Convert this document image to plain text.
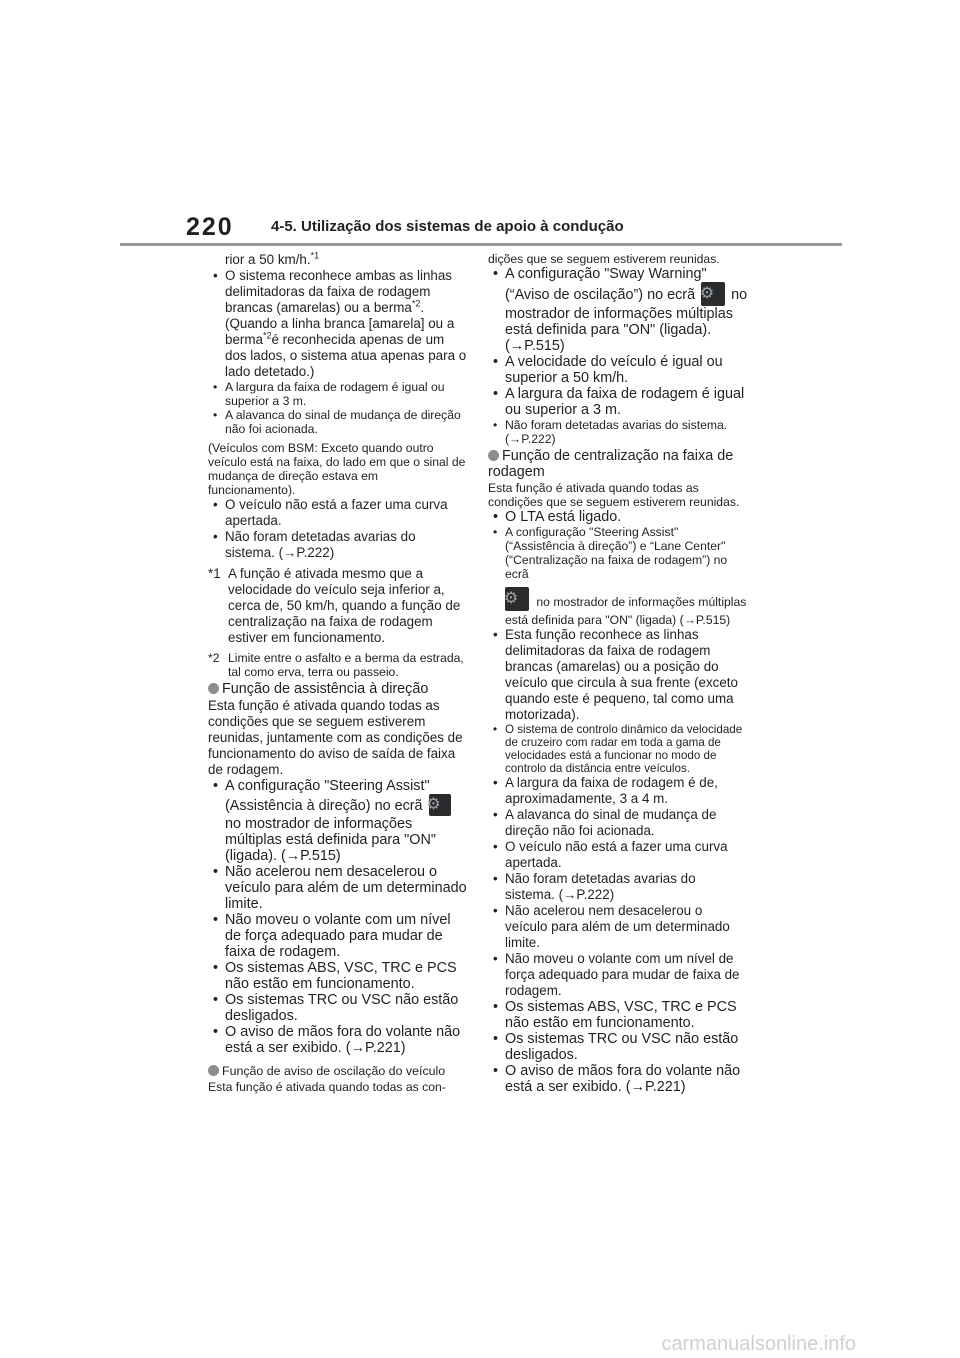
220 4-5. Utilização dos sistemas de apoio à condução

rior a 50 km/h.$^{*1}$

• O sistema reconhece ambas as linhas delimitadoras da faixa de rodagem brancas (amarelas) ou a berma$^{*2}$. (Quando a linha branca [amarela] ou a berma$^{*2}$é reconhecida apenas de um dos lados, o sistema atua apenas para o lado detetado.)

• A largura da faixa de rodagem é igual ou superior a 3 m.

• A alavanca do sinal de mudança de direção não foi acionada.

(Veículos com BSM: Exceto quando outro veículo está na faixa, do lado em que o sinal de mudança de direção estava em funcionamento).

• O veículo não está a fazer uma curva apertada.

• Não foram detetadas avarias do sistema. (→P.222)

*1 A função é ativada mesmo que a velocidade do veículo seja inferior a, cerca de, 50 km/h, quando a função de centralização na faixa de rodagem estiver em funcionamento.

*2 Limite entre o asfalto e a berma da estrada, tal como erva, terra ou passeio.

Função de assistência à direção

Esta função é ativada quando todas as condições que se seguem estiverem reunidas, juntamente com as condições de funcionamento do aviso de saída de faixa de rodagem.

• A configuração "Steering Assist" (Assistência à direção) no ecrã ⚙ no mostrador de informações múltiplas está definida para "ON" (ligada). (→P.515)

• Não acelerou nem desacelerou o veículo para além de um determinado limite.

• Não moveu o volante com um nível de força adequado para mudar de faixa de rodagem.

• Os sistemas ABS, VSC, TRC e PCS não estão em funcionamento.

• Os sistemas TRC ou VSC não estão desligados.

• O aviso de mãos fora do volante não está a ser exibido. (→P.221)

Função de aviso de oscilação do veículo

Esta função é ativada quando todas as con-

dições que se seguem estiverem reunidas.

• A configuração "Sway Warning" (“Aviso de oscilação”) no ecrã ⚙	no mostrador de informações múltiplas está definida para "ON" (ligada). (→P.515)

• A velocidade do veículo é igual ou superior a 50 km/h.

• A largura da faixa de rodagem é igual ou superior a 3 m.

• Não foram detetadas avarias do sistema. (→P.222)

Função de centralização na faixa de rodagem

Esta função é ativada quando todas as condições que se seguem estiverem reunidas.

• O LTA está ligado.

• A configuração "Steering Assist" (“Assistência à direção”) e “Lane Center" (“Centralização na faixa de rodagem”) no ecrã
⚙ no mostrador de informações múltiplas está definida para "ON" (ligada) (→P.515)

• Esta função reconhece as linhas delimitadoras da faixa de rodagem brancas (amarelas) ou a posição do veículo que circula à sua frente (exceto quando este é pequeno, tal como uma motorizada).

• O sistema de controlo dinâmico da velocidade de cruzeiro com radar em toda a gama de velocidades está a funcionar no modo de controlo da distância entre veículos.

• A largura da faixa de rodagem é de, aproximadamente, 3 a 4 m.

• A alavanca do sinal de mudança de direção não foi acionada.

• O veículo não está a fazer uma curva apertada.

• Não foram detetadas avarias do sistema. (→P.222)

• Não acelerou nem desacelerou o veículo para além de um determinado limite.

• Não moveu o volante com um nível de força adequado para mudar de faixa de rodagem.

• Os sistemas ABS, VSC, TRC e PCS não estão em funcionamento.

• Os sistemas TRC ou VSC não estão desligados.

• O aviso de mãos fora do volante não está a ser exibido. (→P.221)

carmanualsonline.info
